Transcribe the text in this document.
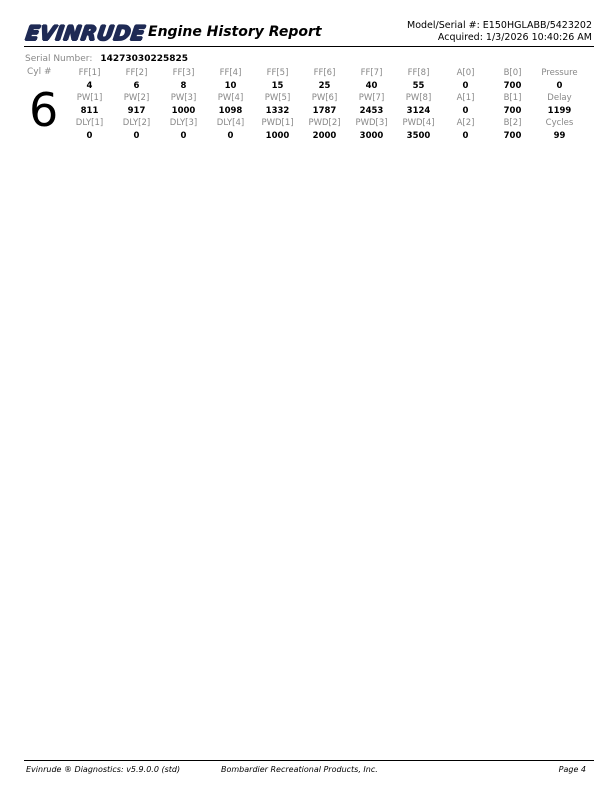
EVINRUDE Engine History Report	Model/Serial #: E150HGLABB/5423202
Acquired: 1/3/2026 10:40:26 AM
Serial Number: 14273030225825
Cyl #
6
FF[1]	FF[2]	FF[3]	FF[4]	FF[5]	FF[6]	FF[7]	FF[8]	A[0]	B[0]	Pressure
4	6	8	10	15	25	40	55	0	700	0
PW[1]	PW[2]	PW[3]	PW[4]	PW[5]	PW[6]	PW[7]	PW[8]	A[1]	B[1]	Delay
811	917	1000	1098	1332	1787	2453	3124	0	700	1199
DLY[1]	DLY[2]	DLY[3]	DLY[4]	PWD[1]	PWD[2]	PWD[3]	PWD[4]	A[2]	B[2]	Cycles
0	0	0	0	1000	2000	3000	3500	0	700	99
Evinrude ® Diagnostics: v5.9.0.0 (std)	Bombardier Recreational Products, Inc.	Page 4
